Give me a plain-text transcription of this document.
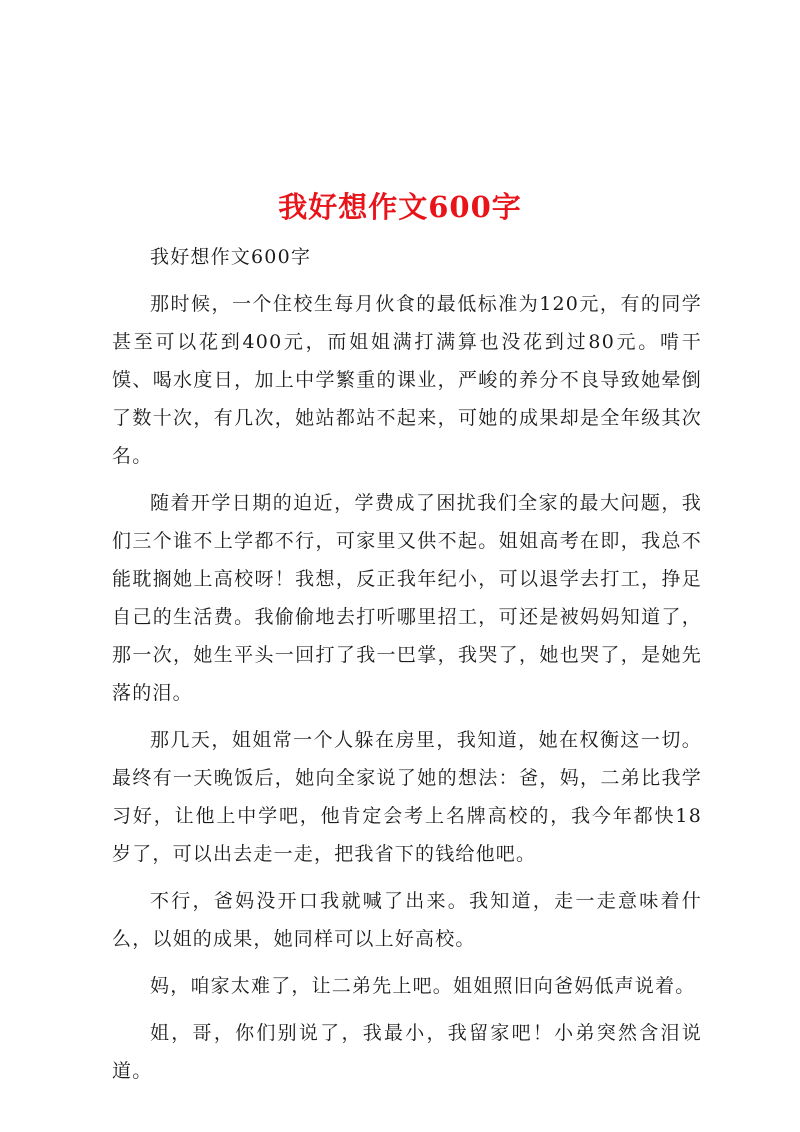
我好想作文600字

我好想作文600字

那时候，一个住校生每月伙食的最低标准为120元，有的同学甚至可以花到400元，而姐姐满打满算也没花到过80元。啃干馍、喝水度日，加上中学繁重的课业，严峻的养分不良导致她晕倒了数十次，有几次，她站都站不起来，可她的成果却是全年级其次名。

随着开学日期的迫近，学费成了困扰我们全家的最大问题，我们三个谁不上学都不行，可家里又供不起。姐姐高考在即，我总不能耽搁她上高校呀！我想，反正我年纪小，可以退学去打工，挣足自己的生活费。我偷偷地去打听哪里招工，可还是被妈妈知道了，那一次，她生平头一回打了我一巴掌，我哭了，她也哭了，是她先落的泪。

那几天，姐姐常一个人躲在房里，我知道，她在权衡这一切。最终有一天晚饭后，她向全家说了她的想法：爸，妈，二弟比我学习好，让他上中学吧，他肯定会考上名牌高校的，我今年都快18岁了，可以出去走一走，把我省下的钱给他吧。

不行，爸妈没开口我就喊了出来。我知道，走一走意味着什么，以姐的成果，她同样可以上好高校。

妈，咱家太难了，让二弟先上吧。姐姐照旧向爸妈低声说着。

姐，哥，你们别说了，我最小，我留家吧！小弟突然含泪说道。
